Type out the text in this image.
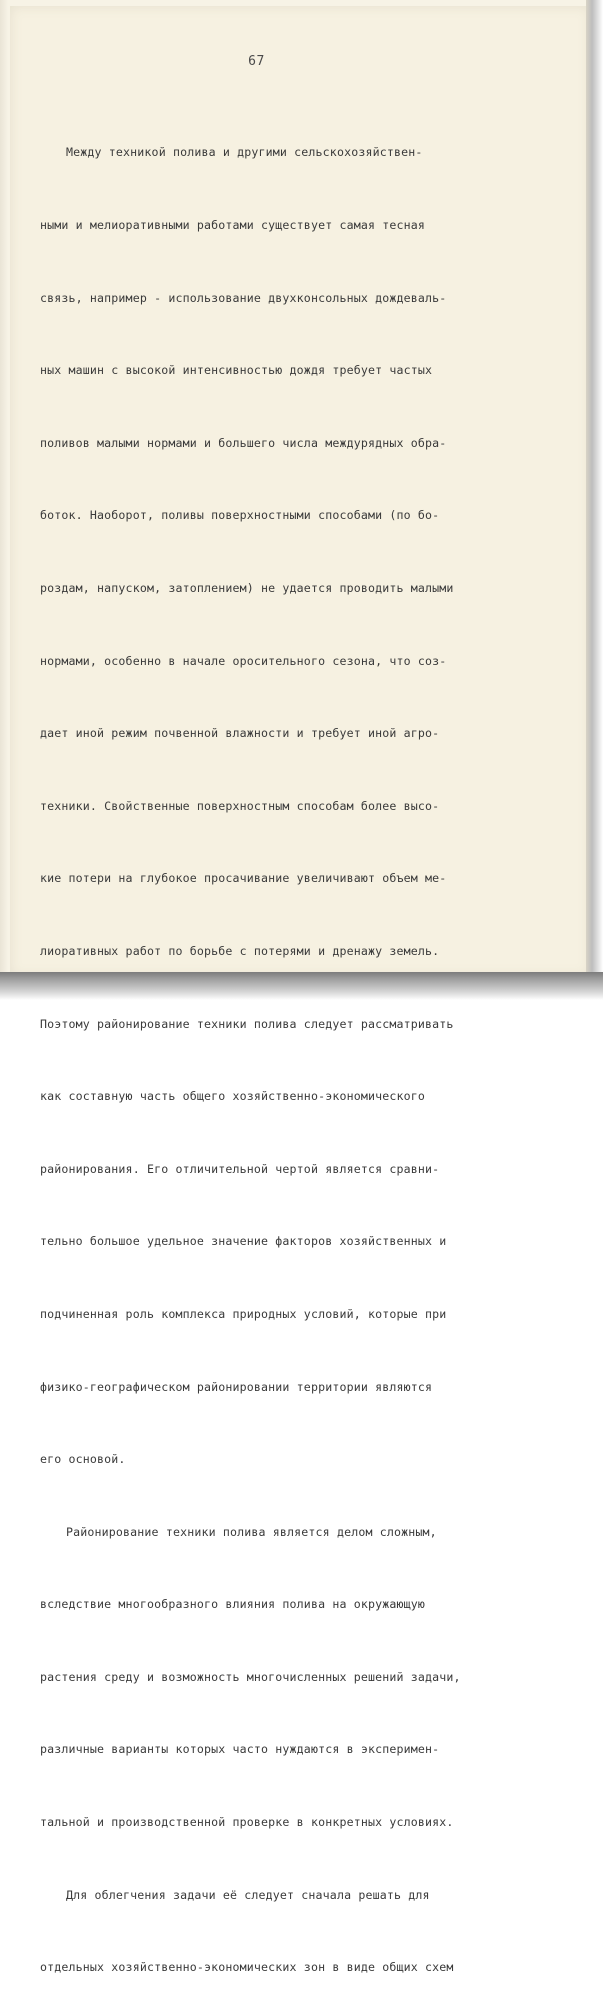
67

Между техникой полива и другими сельскохозяйствен-

ными и мелиоративными работами существует самая тесная

связь, например - использование двухконсольных дождеваль-

ных машин с высокой интенсивностью дождя требует частых

поливов малыми нормами и большего числа междурядных обра-

боток. Наоборот, поливы поверхностными способами (по бо-

роздам, напуском, затоплением) не удается проводить малыми

нормами, особенно в начале оросительного сезона, что соз-

дает иной режим почвенной влажности и требует иной агро-

техники. Свойственные поверхностным способам более высо-

кие потери на глубокое просачивание увеличивают объем ме-

лиоративных работ по борьбе с потерями и дренажу земель.

Поэтому районирование техники полива следует рассматривать

как составную часть общего хозяйственно-экономического

районирования. Его отличительной чертой является сравни-

тельно большое удельное значение факторов хозяйственных и

подчиненная роль комплекса природных условий, которые при

физико-географическом районировании территории являются

его основой.

Районирование техники полива является делом сложным,

вследствие многообразного влияния полива на окружающую

растения среду и возможность многочисленных решений задачи,

различные варианты которых часто нуждаются в эксперимен-

тальной и производственной проверке в конкретных условиях.

Для облегчения задачи её следует сначала решать для

отдельных хозяйственно-экономических зон в виде общих схем
